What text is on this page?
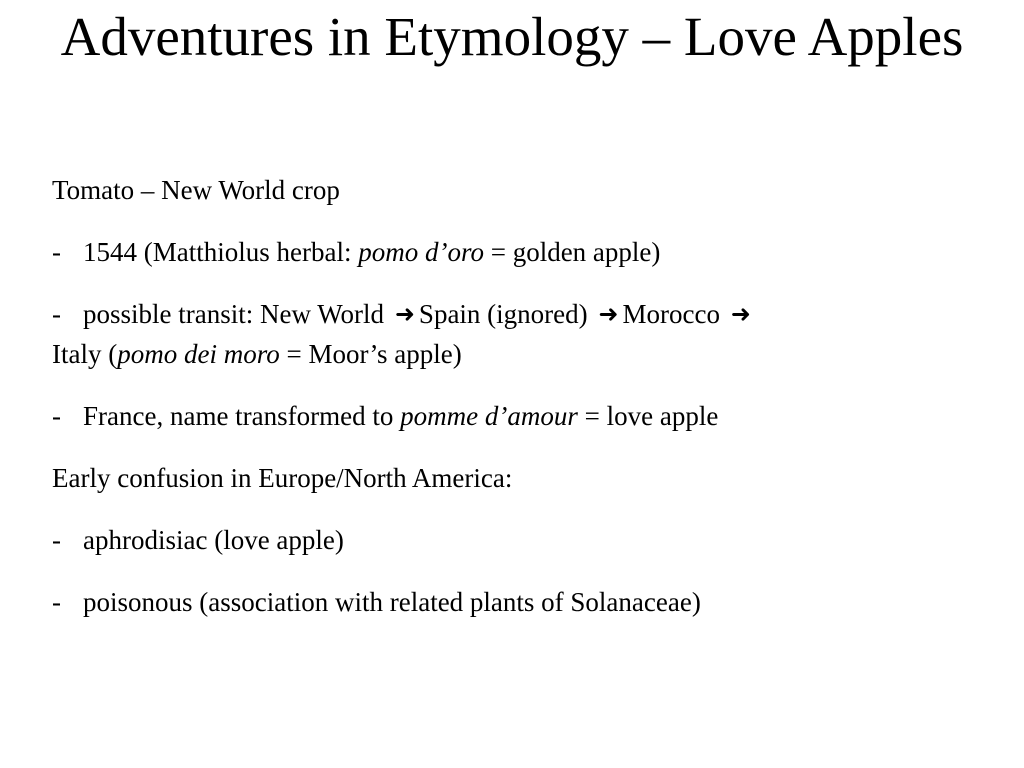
Adventures in Etymology – Love Apples

Tomato – New World crop

- 1544 (Matthiolus herbal: pomo d’oro = golden apple)

- possible transit: New World ➜ Spain (ignored) ➜ Morocco ➜
Italy (pomo dei moro = Moor’s apple)

- France, name transformed to pomme d’amour = love apple

Early confusion in Europe/North America:

- aphrodisiac (love apple)

- poisonous (association with related plants of Solanaceae)
